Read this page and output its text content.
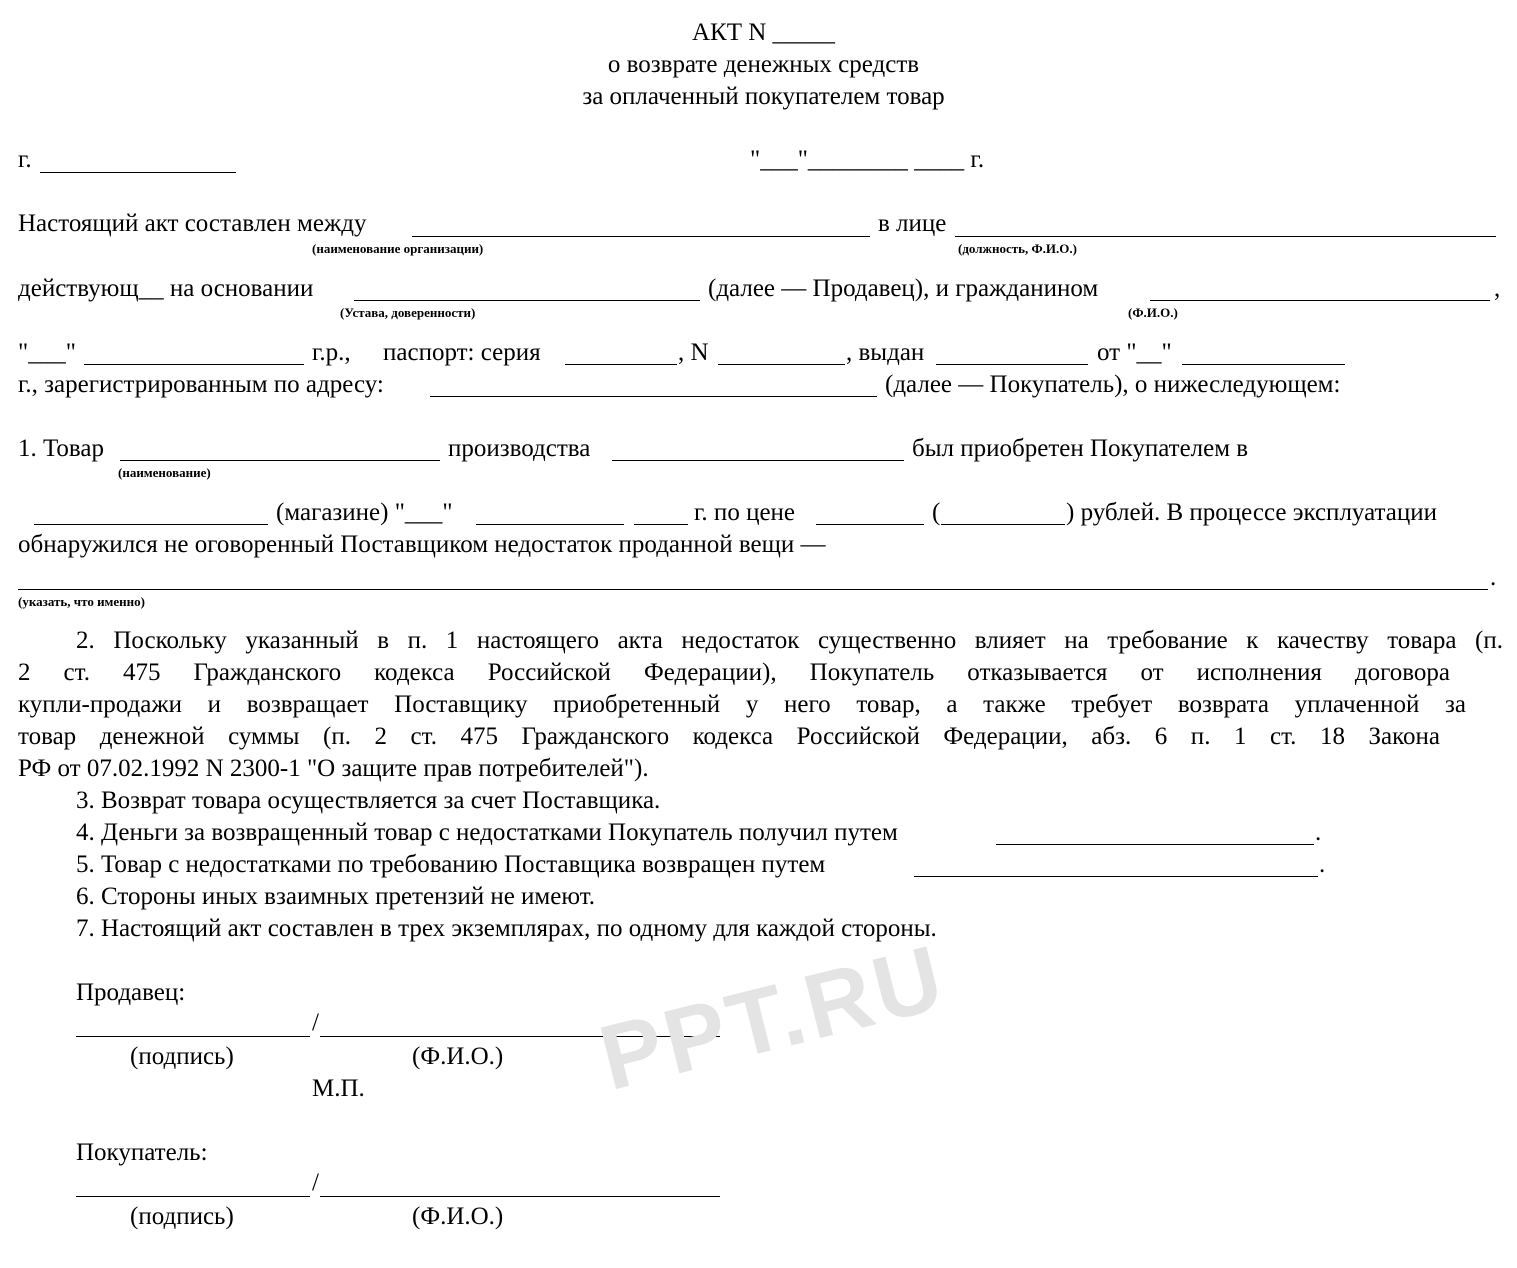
АКТ N _____
о возврате денежных средств
за оплаченный покупателем товар
г.	"___"________ ____ г.
Настоящий акт составлен между	в лице
(наименование организации)	(должность, Ф.И.О.)
действующ__ на основании	(далее — Продавец), и гражданином	,
(Устава, доверенности)	(Ф.И.О.)
"___"	г.р., паспорт: серия	, N	, выдан	от "__"
г., зарегистрированным по адресу:	(далее — Покупатель), о нижеследующем:
1. Товар	производства	был приобретен Покупателем в
(наименование)
(магазине) "___"	г. по цене	(	) рублей. В процессе эксплуатации
обнаружился не оговоренный Поставщиком недостаток проданной вещи —
.
(указать, что именно)
2. Поскольку указанный в п. 1 настоящего акта недостаток существенно влияет на требование к качеству товара (п.
2 ст. 475 Гражданского кодекса Российской Федерации), Покупатель отказывается от исполнения договора
купли-продажи и возвращает Поставщику приобретенный у него товар, а также требует возврата уплаченной за
товар денежной суммы (п. 2 ст. 475 Гражданского кодекса Российской Федерации, абз. 6 п. 1 ст. 18 Закона
РФ от 07.02.1992 N 2300-1 "О защите прав потребителей").
3. Возврат товара осуществляется за счет Поставщика.
4. Деньги за возвращенный товар с недостатками Покупатель получил путем	.
5. Товар с недостатками по требованию Поставщика возвращен путем	.
6. Стороны иных взаимных претензий не имеют.
7. Настоящий акт составлен в трех экземплярах, по одному для каждой стороны.
Продавец:
/
(подпись)	(Ф.И.О.)
М.П.
Покупатель:
/
(подпись)	(Ф.И.О.)
PPT.RU
